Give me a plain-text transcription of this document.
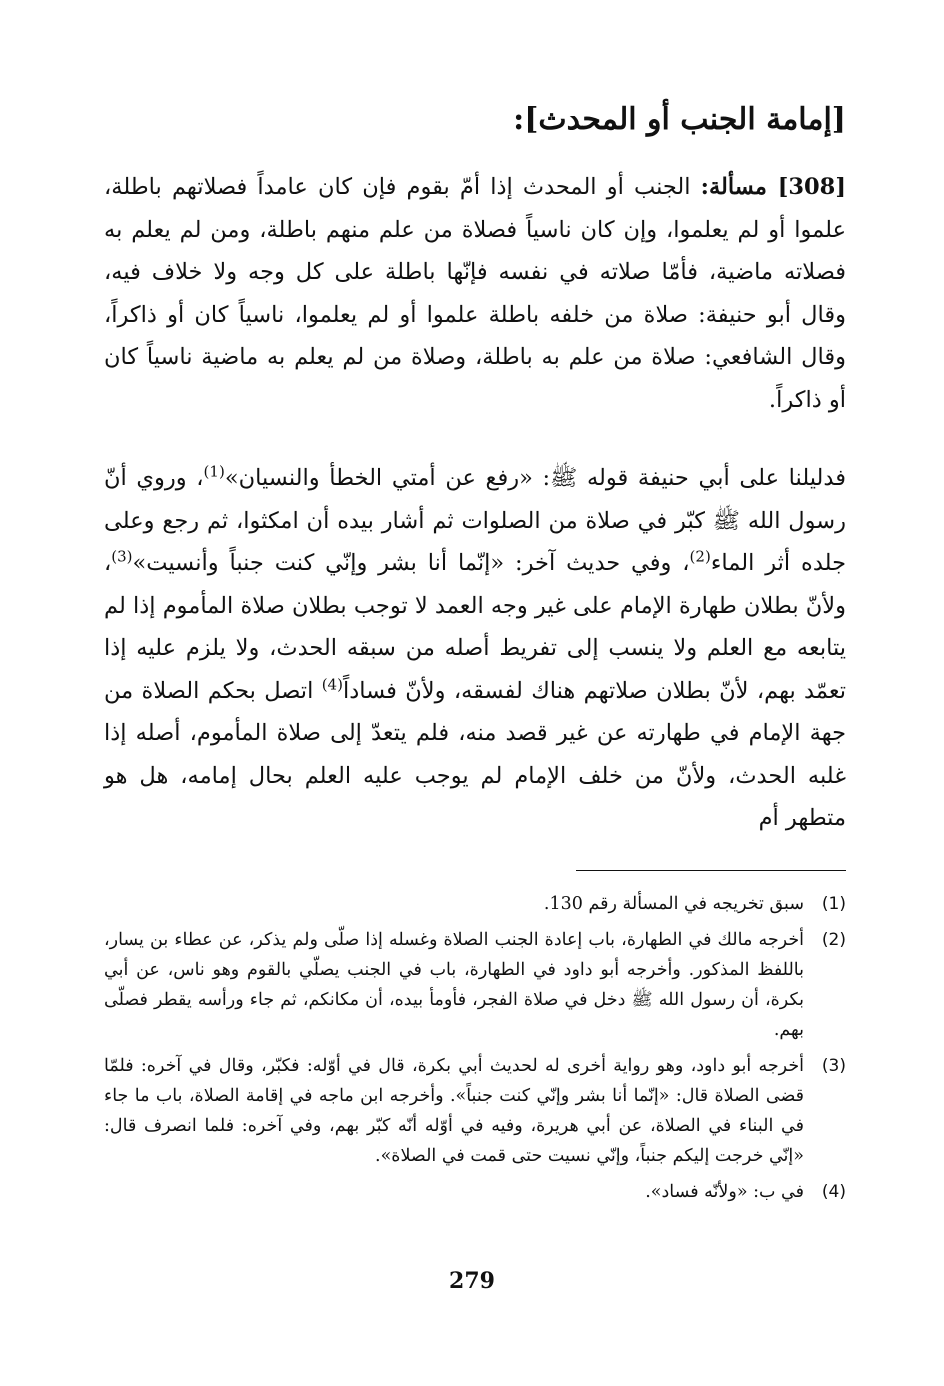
[إمامة الجنب أو المحدث]:

[308] مسألة: الجنب أو المحدث إذا أمّ بقوم فإن كان عامداً فصلاتهم باطلة، علموا أو لم يعلموا، وإن كان ناسياً فصلاة من علم منهم باطلة، ومن لم يعلم به فصلاته ماضية، فأمّا صلاته في نفسه فإنّها باطلة على كل وجه ولا خلاف فيه، وقال أبو حنيفة: صلاة من خلفه باطلة علموا أو لم يعلموا، ناسياً كان أو ذاكراً، وقال الشافعي: صلاة من علم به باطلة، وصلاة من لم يعلم به ماضية ناسياً كان أو ذاكراً.

فدليلنا على أبي حنيفة قوله ﷺ: «رفع عن أمتي الخطأ والنسيان»$^{(1)}$، وروي أنّ رسول الله ﷺ كبّر في صلاة من الصلوات ثم أشار بيده أن امكثوا، ثم رجع وعلى جلده أثر الماء$^{(2)}$، وفي حديث آخر: «إنّما أنا بشر وإنّي كنت جنباً وأنسيت»$^{(3)}$، ولأنّ بطلان طهارة الإمام على غير وجه العمد لا توجب بطلان صلاة المأموم إذا لم يتابعه مع العلم ولا ينسب إلى تفريط أصله من سبقه الحدث، ولا يلزم عليه إذا تعمّد بهم، لأنّ بطلان صلاتهم هناك لفسقه، ولأنّ فساداً$^{(4)}$ اتصل بحكم الصلاة من جهة الإمام في طهارته عن غير قصد منه، فلم يتعدّ إلى صلاة المأموم، أصله إذا غلبه الحدث، ولأنّ من خلف الإمام لم يوجب عليه العلم بحال إمامه، هل هو متطهر أم

(1)
سبق تخريجه في المسألة رقم 130.
(2)
أخرجه مالك في الطهارة، باب إعادة الجنب الصلاة وغسله إذا صلّى ولم يذكر، عن عطاء بن يسار، باللفظ المذكور. وأخرجه أبو داود في الطهارة، باب في الجنب يصلّي بالقوم وهو ناس، عن أبي بكرة، أن رسول الله ﷺ دخل في صلاة الفجر، فأومأ بيده، أن مكانكم، ثم جاء ورأسه يقطر فصلّى بهم.
(3)
أخرجه أبو داود، وهو رواية أخرى له لحديث أبي بكرة، قال في أوّله: فكبّر، وقال في آخره: فلمّا قضى الصلاة قال: «إنّما أنا بشر وإنّي كنت جنباً». وأخرجه ابن ماجه في إقامة الصلاة، باب ما جاء في البناء في الصلاة، عن أبي هريرة، وفيه في أوّله أنّه كبّر بهم، وفي آخره: فلما انصرف قال: «إنّي خرجت إليكم جنباً، وإنّي نسيت حتى قمت في الصلاة».
(4)
في ب: «ولأنّه فساد».
279
